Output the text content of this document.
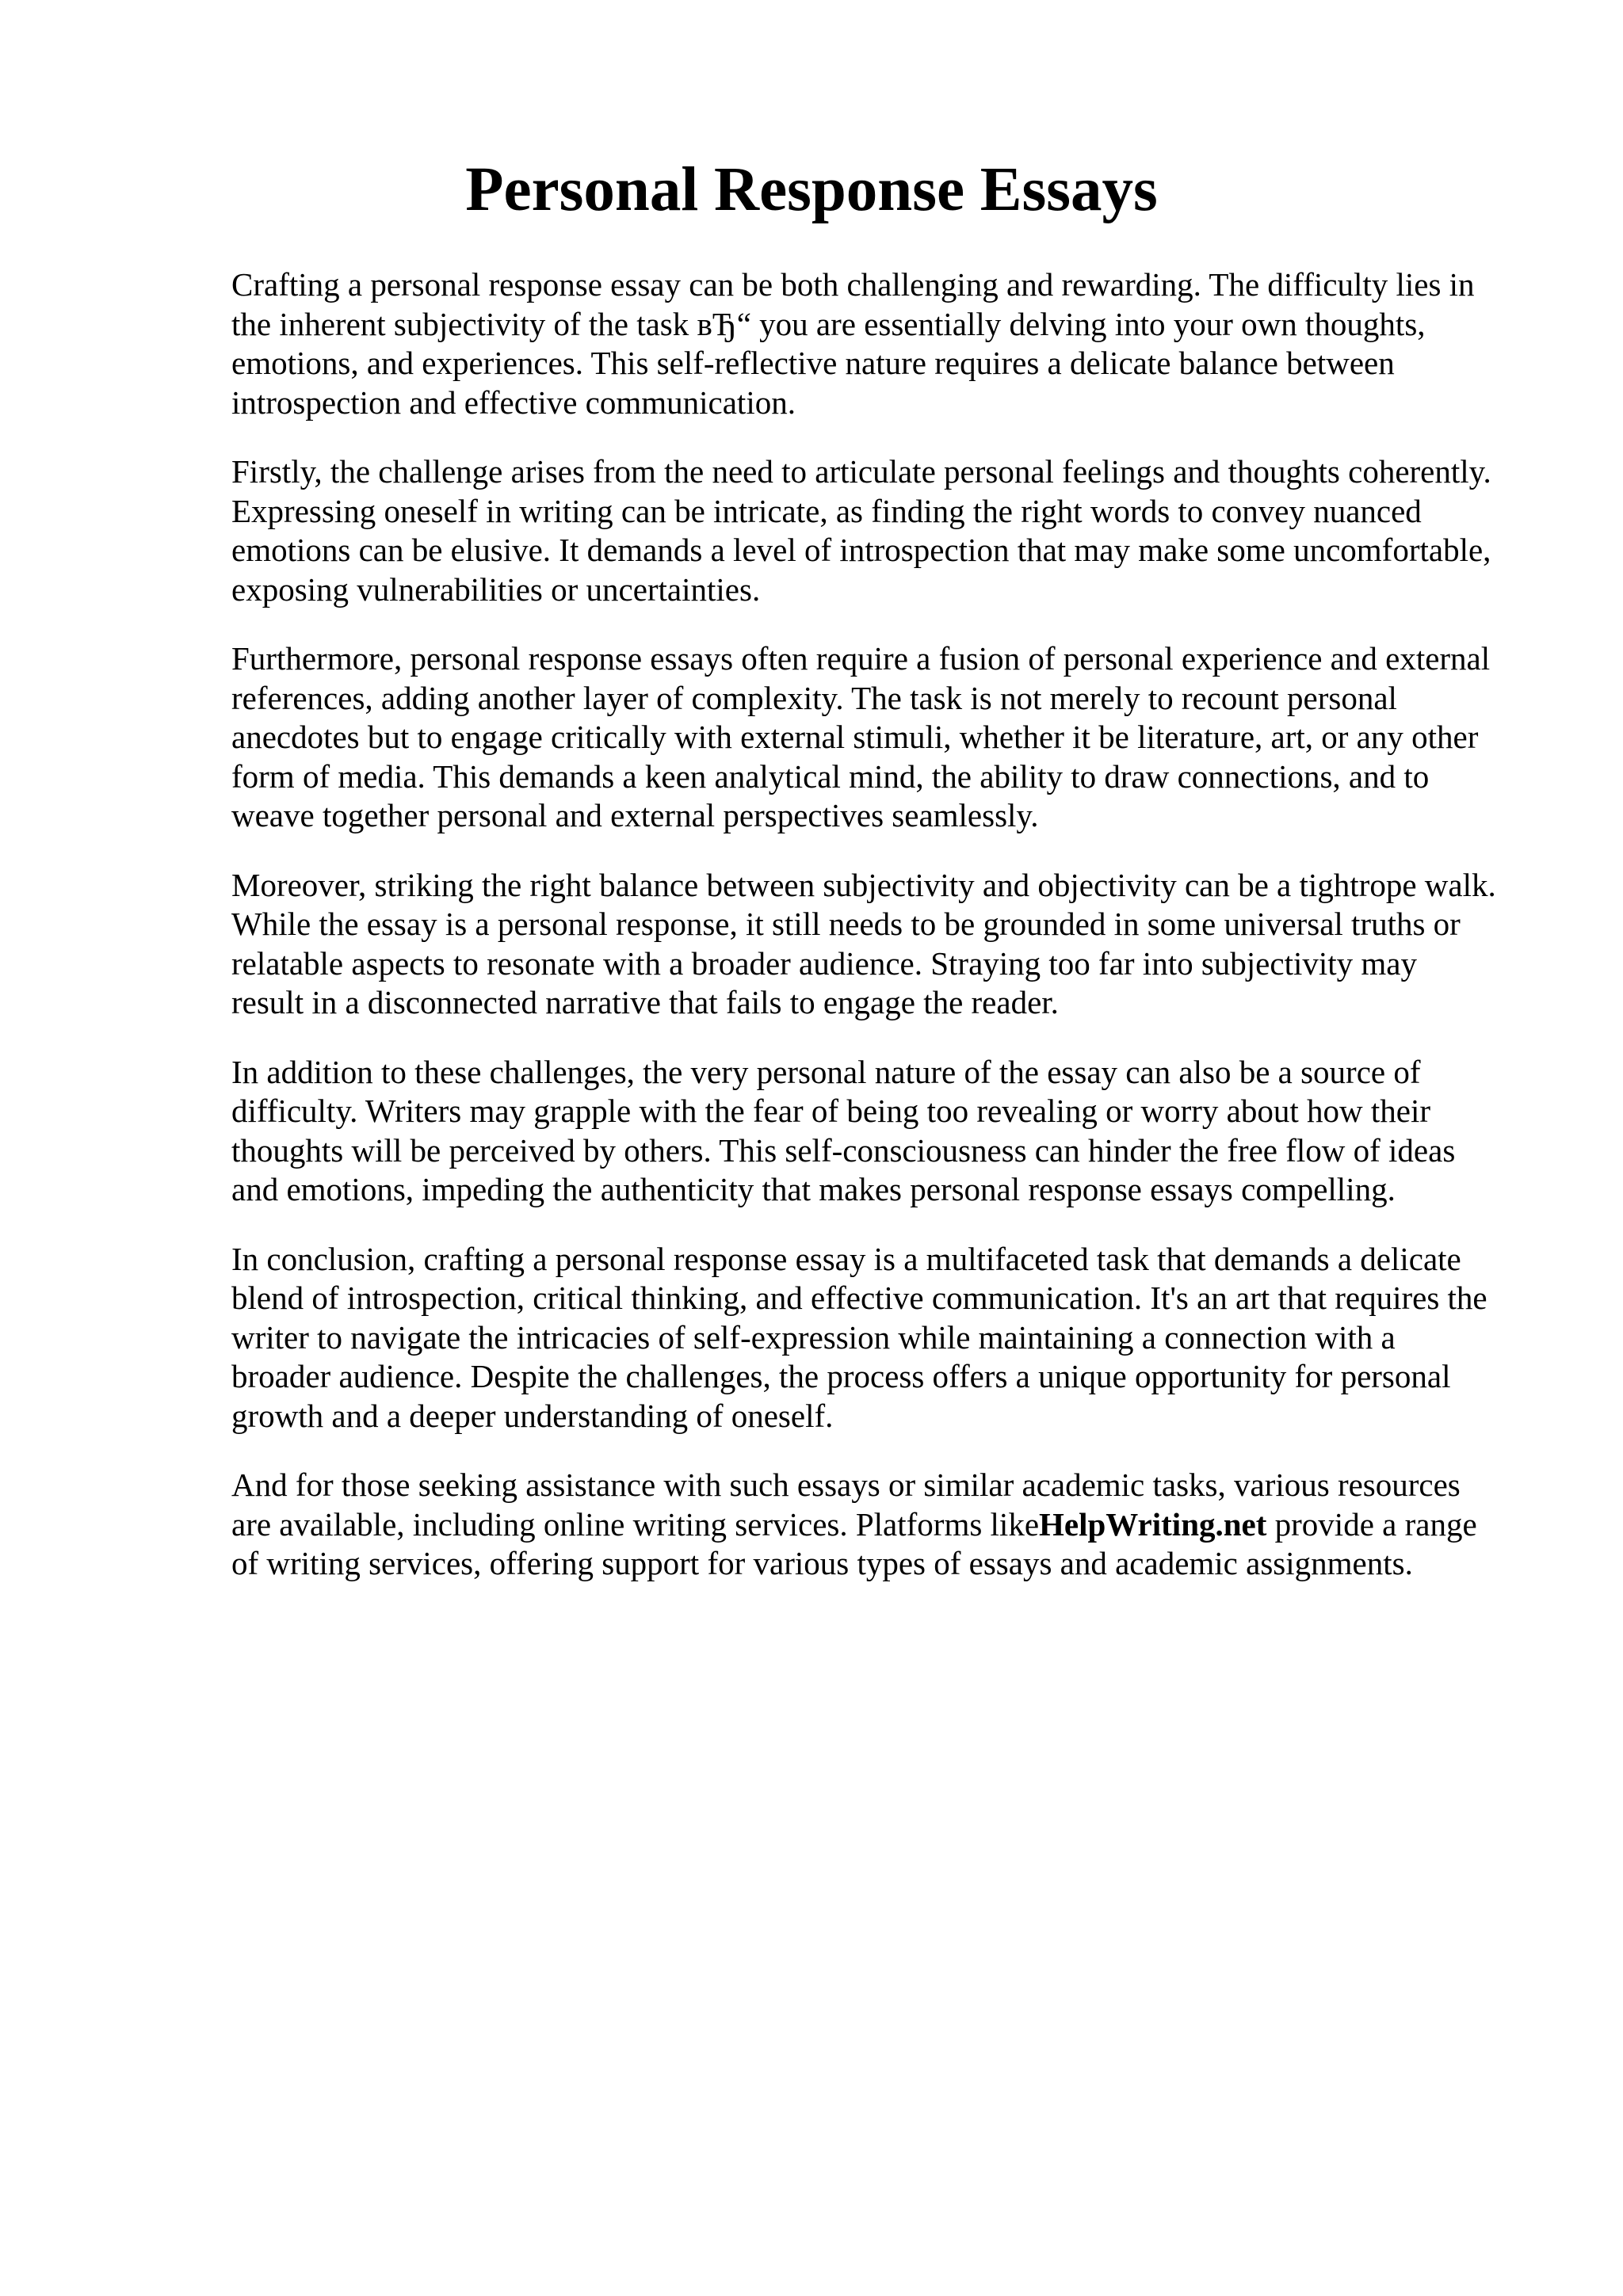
Personal Response Essays

Crafting a personal response essay can be both challenging and rewarding. The difficulty lies in
the inherent subjectivity of the task вЂ“ you are essentially delving into your own thoughts,
emotions, and experiences. This self-reflective nature requires a delicate balance between
introspection and effective communication.

Firstly, the challenge arises from the need to articulate personal feelings and thoughts coherently.
Expressing oneself in writing can be intricate, as finding the right words to convey nuanced
emotions can be elusive. It demands a level of introspection that may make some uncomfortable,
exposing vulnerabilities or uncertainties.

Furthermore, personal response essays often require a fusion of personal experience and external
references, adding another layer of complexity. The task is not merely to recount personal
anecdotes but to engage critically with external stimuli, whether it be literature, art, or any other
form of media. This demands a keen analytical mind, the ability to draw connections, and to
weave together personal and external perspectives seamlessly.

Moreover, striking the right balance between subjectivity and objectivity can be a tightrope walk.
While the essay is a personal response, it still needs to be grounded in some universal truths or
relatable aspects to resonate with a broader audience. Straying too far into subjectivity may
result in a disconnected narrative that fails to engage the reader.

In addition to these challenges, the very personal nature of the essay can also be a source of
difficulty. Writers may grapple with the fear of being too revealing or worry about how their
thoughts will be perceived by others. This self-consciousness can hinder the free flow of ideas
and emotions, impeding the authenticity that makes personal response essays compelling.

In conclusion, crafting a personal response essay is a multifaceted task that demands a delicate
blend of introspection, critical thinking, and effective communication. It's an art that requires the
writer to navigate the intricacies of self-expression while maintaining a connection with a
broader audience. Despite the challenges, the process offers a unique opportunity for personal
growth and a deeper understanding of oneself.

And for those seeking assistance with such essays or similar academic tasks, various resources
are available, including online writing services. Platforms likeHelpWriting.net provide a range
of writing services, offering support for various types of essays and academic assignments.
